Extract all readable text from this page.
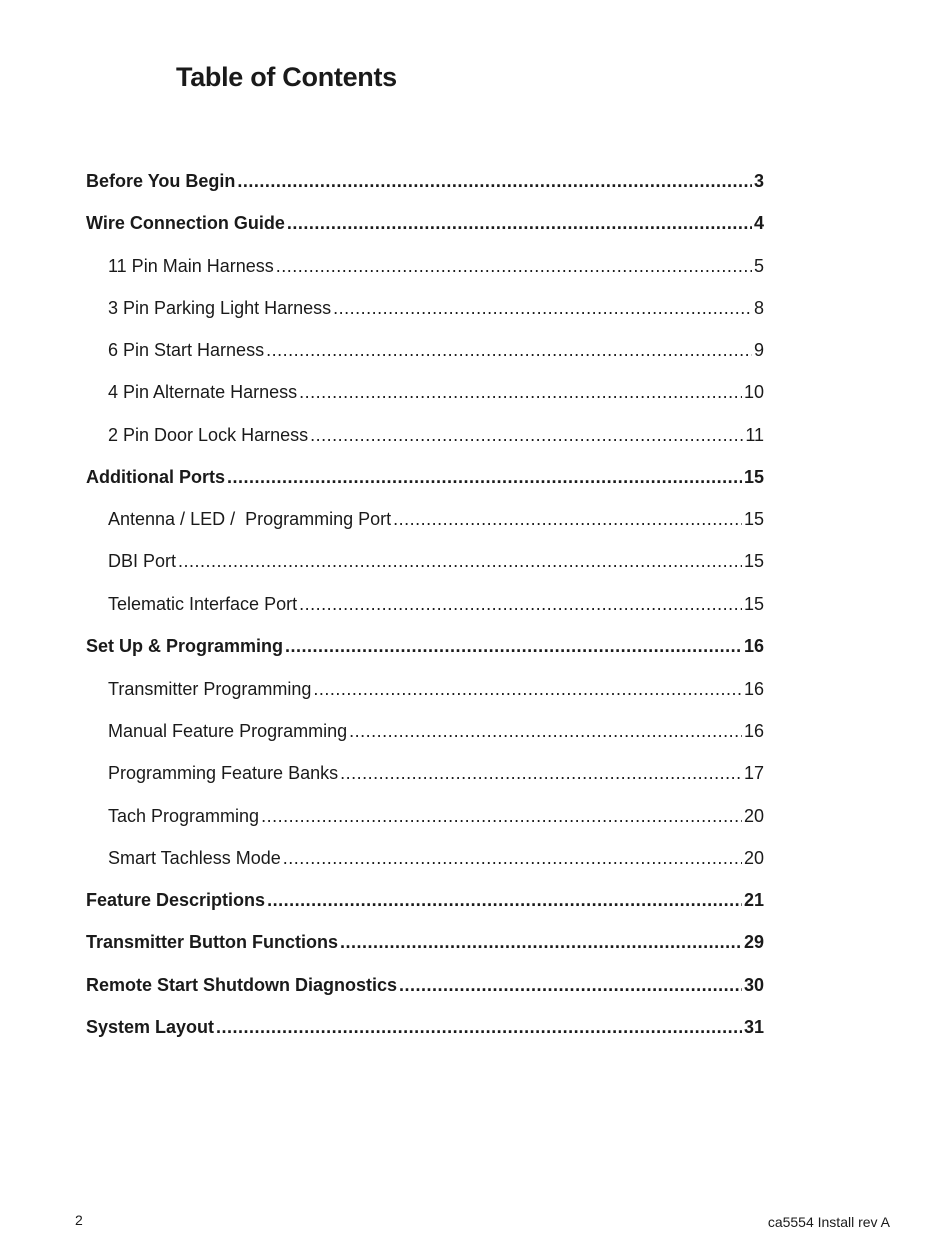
Table of Contents
Before You Begin .....	3
Wire Connection Guide .....	4
11 Pin Main Harness .....	5
3 Pin Parking Light Harness .....	8
6 Pin Start Harness .....	9
4 Pin Alternate Harness .....	10
2 Pin Door Lock Harness .....	11
Additional Ports .....	15
Antenna / LED /  Programming Port .....	15
DBI Port .....	15
Telematic Interface Port .....	15
Set Up & Programming .....	16
Transmitter Programming .....	16
Manual Feature Programming .....	16
Programming Feature Banks .....	17
Tach Programming .....	20
Smart Tachless Mode .....	20
Feature Descriptions .....	21
Transmitter Button Functions .....	29
Remote Start Shutdown Diagnostics .....	30
System Layout .....	31
2	ca5554 Install rev A
